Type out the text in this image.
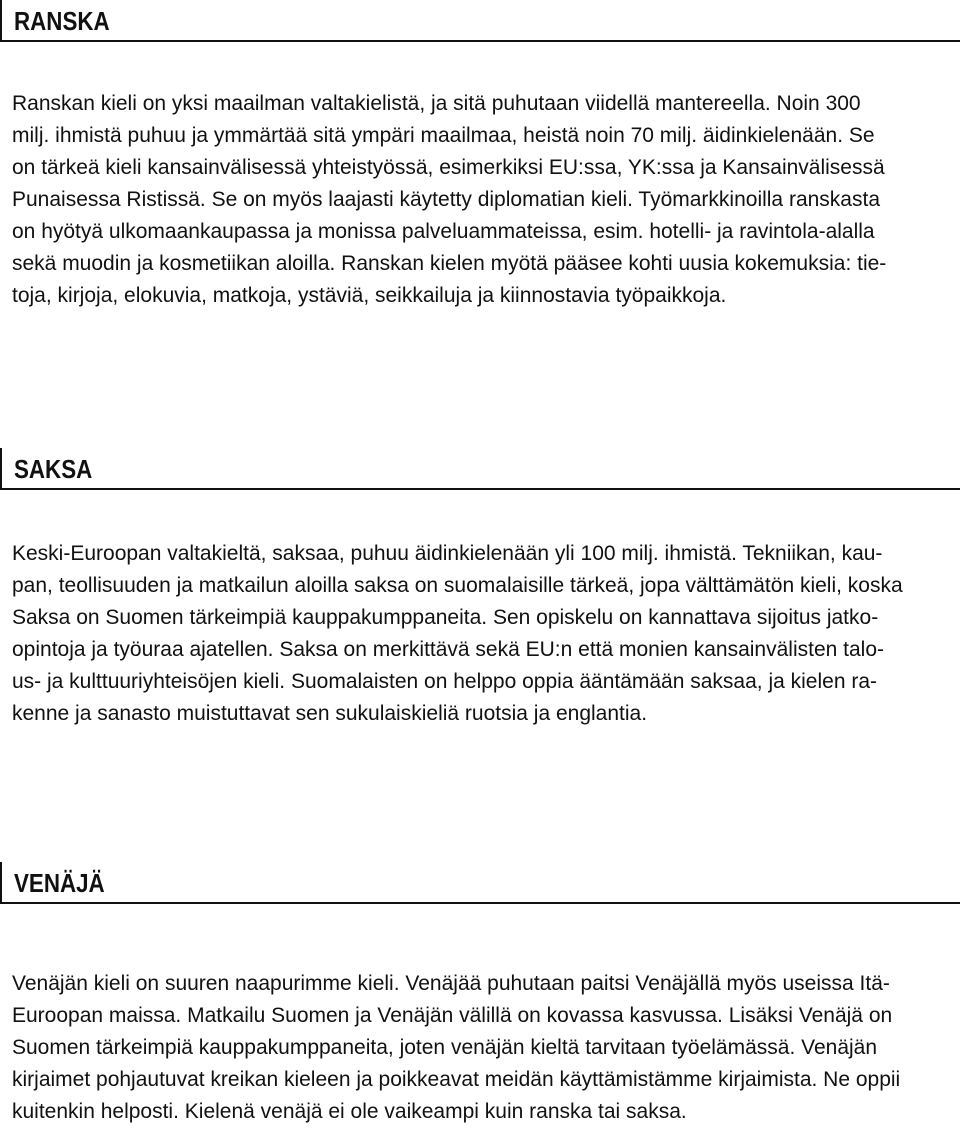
RANSKA
Ranskan kieli on yksi maailman valtakielistä, ja sitä puhutaan viidellä mantereella. Noin 300
milj. ihmistä puhuu ja ymmärtää sitä ympäri maailmaa, heistä noin 70 milj. äidinkielenään. Se
on tärkeä kieli kansainvälisessä yhteistyössä, esimerkiksi EU:ssa, YK:ssa ja Kansainvälisessä
Punaisessa Ristissä. Se on myös laajasti käytetty diplomatian kieli. Työmarkkinoilla ranskasta
on hyötyä ulkomaankaupassa ja monissa palveluammateissa, esim. hotelli- ja ravintola-alalla
sekä muodin ja kosmetiikan aloilla. Ranskan kielen myötä pääsee kohti uusia kokemuksia: tie-
toja, kirjoja, elokuvia, matkoja, ystäviä, seikkailuja ja kiinnostavia työpaikkoja.
SAKSA
Keski-Euroopan valtakieltä, saksaa, puhuu äidinkielenään yli 100 milj. ihmistä. Tekniikan, kau-
pan, teollisuuden ja matkailun aloilla saksa on suomalaisille tärkeä, jopa välttämätön kieli, koska
Saksa on Suomen tärkeimpiä kauppakumppaneita. Sen opiskelu on kannattava sijoitus jatko-
opintoja ja työuraa ajatellen. Saksa on merkittävä sekä EU:n että monien kansainvälisten talo-
us- ja kulttuuriyhteisöjen kieli. Suomalaisten on helppo oppia ääntämään saksaa, ja kielen ra-
kenne ja sanasto muistuttavat sen sukulaiskieliä ruotsia ja englantia.
VENÄJÄ
Venäjän kieli on suuren naapurimme kieli. Venäjää puhutaan paitsi Venäjällä myös useissa Itä-
Euroopan maissa. Matkailu Suomen ja Venäjän välillä on kovassa kasvussa. Lisäksi Venäjä on
Suomen tärkeimpiä kauppakumppaneita, joten venäjän kieltä tarvitaan työelämässä. Venäjän
kirjaimet pohjautuvat kreikan kieleen ja poikkeavat meidän käyttämistämme kirjaimista. Ne oppii
kuitenkin helposti. Kielenä venäjä ei ole vaikeampi kuin ranska tai saksa.
